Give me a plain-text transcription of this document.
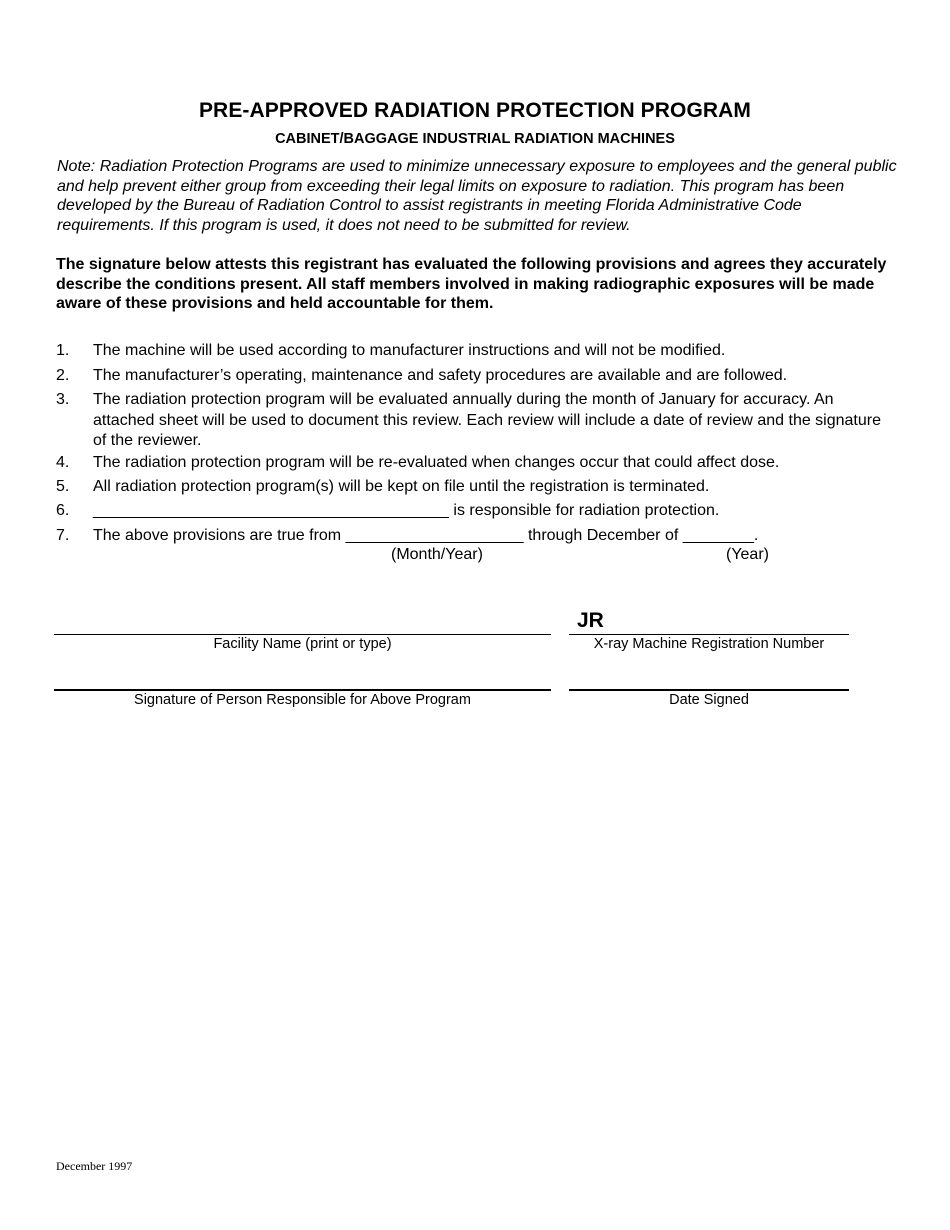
PRE-APPROVED RADIATION PROTECTION PROGRAM
CABINET/BAGGAGE INDUSTRIAL RADIATION MACHINES
Note: Radiation Protection Programs are used to minimize unnecessary exposure to employees and the general public and help prevent either group from exceeding their legal limits on exposure to radiation. This program has been developed by the Bureau of Radiation Control to assist registrants in meeting Florida Administrative Code requirements. If this program is used, it does not need to be submitted for review.
The signature below attests this registrant has evaluated the following provisions and agrees they accurately describe the conditions present. All staff members involved in making radiographic exposures will be made aware of these provisions and held accountable for them.
1. The machine will be used according to manufacturer instructions and will not be modified.
2. The manufacturer’s operating, maintenance and safety procedures are available and are followed.
3. The radiation protection program will be evaluated annually during the month of January for accuracy. An attached sheet will be used to document this review. Each review will include a date of review and the signature of the reviewer.
4. The radiation protection program will be re-evaluated when changes occur that could affect dose.
5. All radiation protection program(s) will be kept on file until the registration is terminated.
6. ________________________________________ is responsible for radiation protection.
7. The above provisions are true from ____________________ through December of ________.
(Month/Year)	(Year)
JR
Facility Name (print or type)	X-ray Machine Registration Number
Signature of Person Responsible for Above Program	Date Signed
December 1997
